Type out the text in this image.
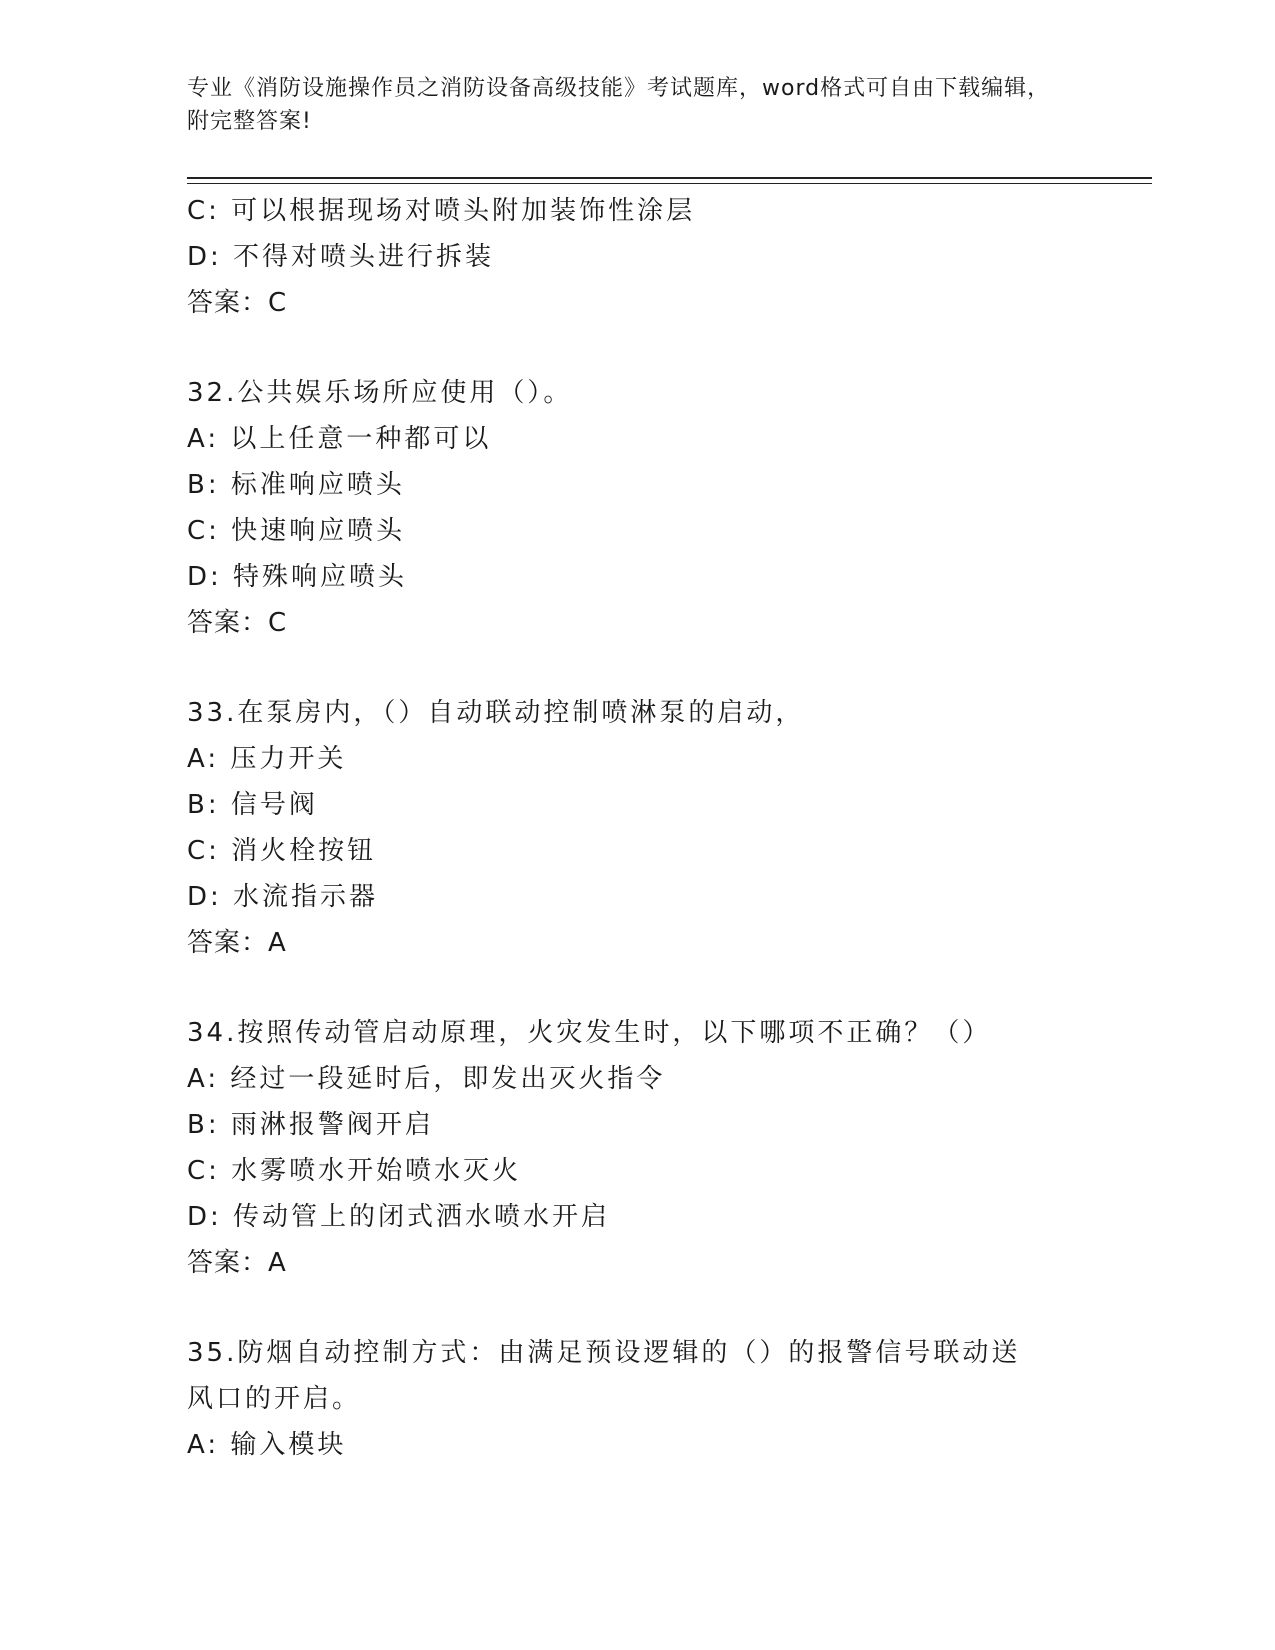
专业《消防设施操作员之消防设备高级技能》考试题库，word格式可自由下载编辑，附完整答案!
C: 可以根据现场对喷头附加装饰性涂层
D: 不得对喷头进行拆装
答案：C
32.公共娱乐场所应使用（）。
A: 以上任意一种都可以
B: 标准响应喷头
C: 快速响应喷头
D: 特殊响应喷头
答案：C
33.在泵房内，（）自动联动控制喷淋泵的启动，
A: 压力开关
B: 信号阀
C: 消火栓按钮
D: 水流指示器
答案：A
34.按照传动管启动原理，火灾发生时，以下哪项不正确？（）
A: 经过一段延时后，即发出灭火指令
B: 雨淋报警阀开启
C: 水雾喷水开始喷水灭火
D: 传动管上的闭式洒水喷水开启
答案：A
35.防烟自动控制方式：由满足预设逻辑的（）的报警信号联动送风口的开启。
A: 输入模块
